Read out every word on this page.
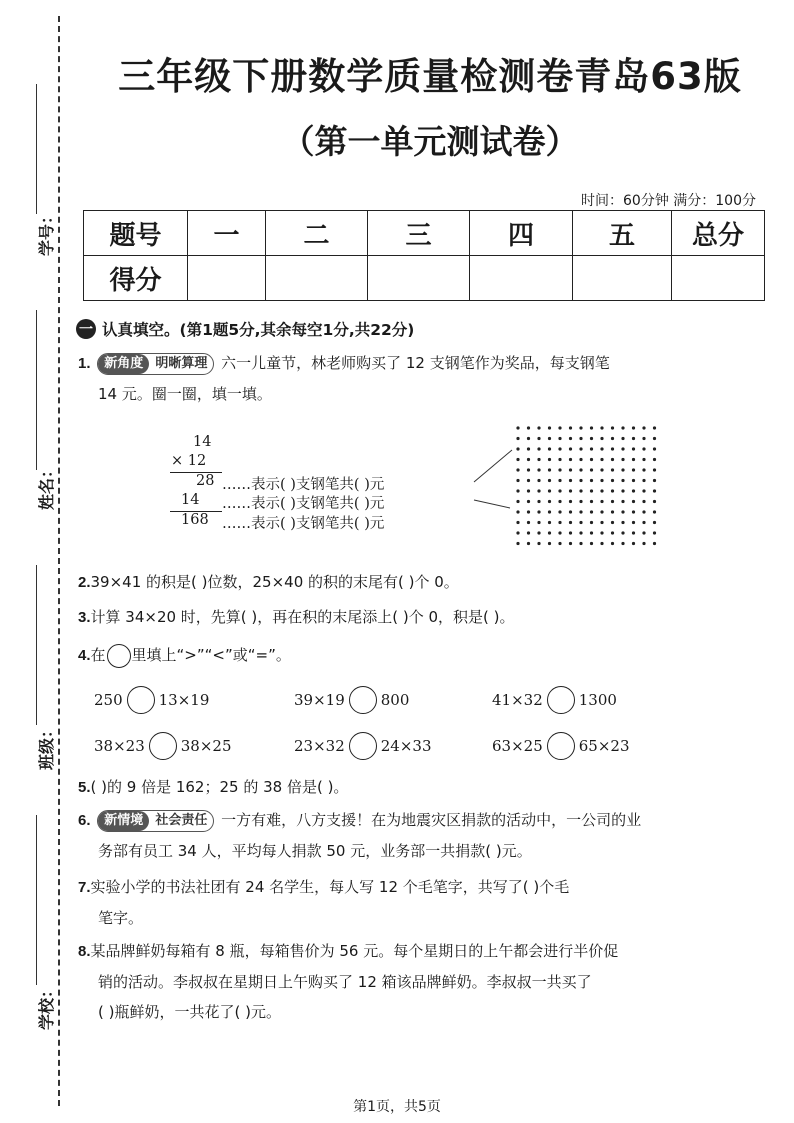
学号：
姓名：
班级：
学校：
三年级下册数学质量检测卷青岛63版
（第一单元测试卷）
时间：60分钟 满分：100分
题号	一	二	三	四	五	总分
得分						
一 认真填空。(第1题5分,其余每空1分,共22分)
1.	新角度 明晰算理 六一儿童节，林老师购买了 12 支钢笔作为奖品，每支钢笔
14 元。圈一圈，填一填。
14
× 12
28 ……表示( )支钢笔共( )元
14 ……表示( )支钢笔共( )元
168 ……表示( )支钢笔共( )元
2.39×41 的积是( )位数，25×40 的积的末尾有( )个 0。
3.计算 34×20 时，先算( )，再在积的末尾添上( )个 0，积是( )。
4.在 里填上“>”“<”或“=”。
250 13×19	39×19 800	41×32 1300
38×23 38×25	23×32 24×33	63×25 65×23
5.( )的 9 倍是 162；25 的 38 倍是( )。
6.	新情境 社会责任 一方有难，八方支援！在为地震灾区捐款的活动中，一公司的业
务部有员工 34 人，平均每人捐款 50 元，业务部一共捐款( )元。
7.实验小学的书法社团有 24 名学生，每人写 12 个毛笔字，共写了( )个毛
笔字。
8.某品牌鲜奶每箱有 8 瓶，每箱售价为 56 元。每个星期日的上午都会进行半价促
销的活动。李叔叔在星期日上午购买了 12 箱该品牌鲜奶。李叔叔一共买了
( )瓶鲜奶，一共花了( )元。
第1页，共5页
